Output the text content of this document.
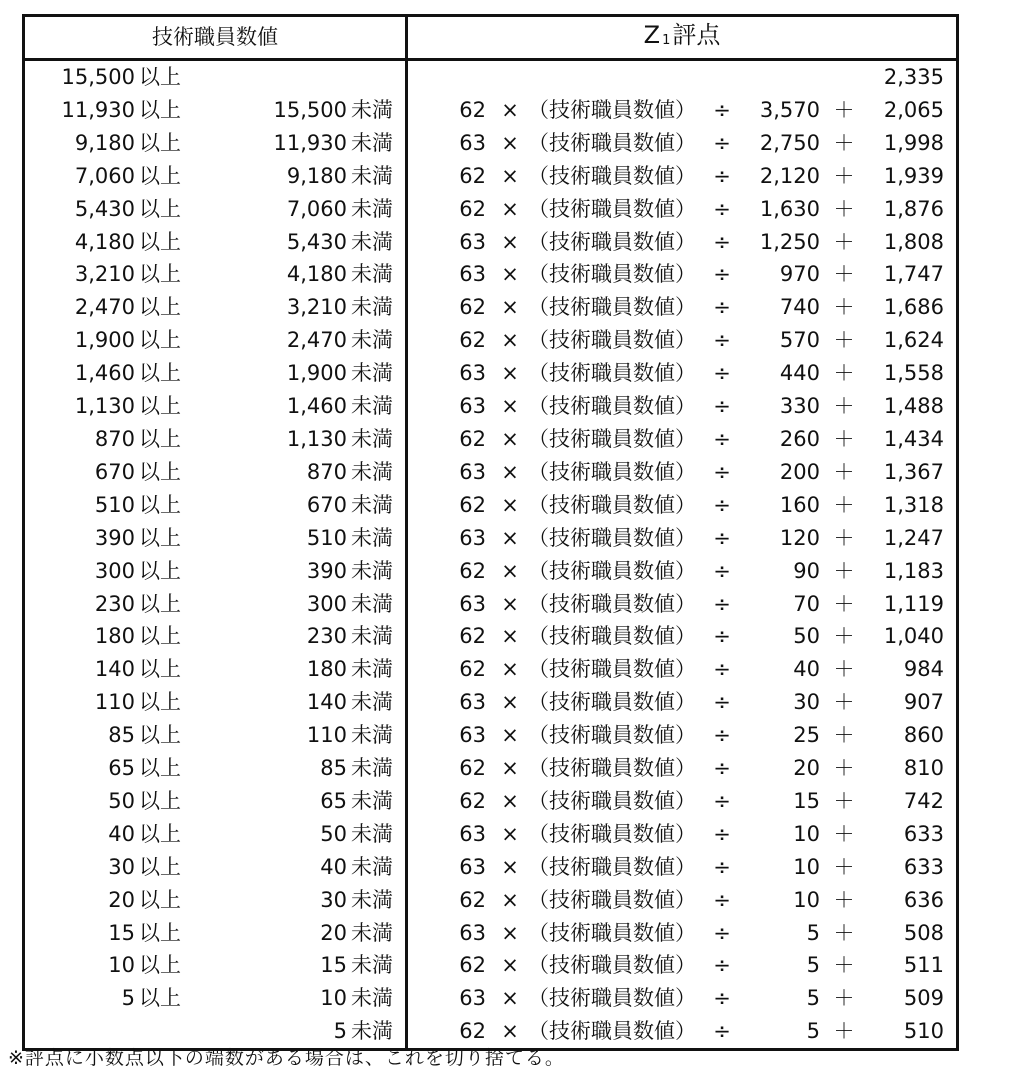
技術職員数値				Z $_1$評点						
15,500	以上									2,335
11,930	以上	15,500	未満	62	×	（技術職員数値）	÷	3,570	＋	2,065
9,180	以上	11,930	未満	63	×	（技術職員数値）	÷	2,750	＋	1,998
7,060	以上	9,180	未満	62	×	（技術職員数値）	÷	2,120	＋	1,939
5,430	以上	7,060	未満	62	×	（技術職員数値）	÷	1,630	＋	1,876
4,180	以上	5,430	未満	63	×	（技術職員数値）	÷	1,250	＋	1,808
3,210	以上	4,180	未満	63	×	（技術職員数値）	÷	970	＋	1,747
2,470	以上	3,210	未満	62	×	（技術職員数値）	÷	740	＋	1,686
1,900	以上	2,470	未満	62	×	（技術職員数値）	÷	570	＋	1,624
1,460	以上	1,900	未満	63	×	（技術職員数値）	÷	440	＋	1,558
1,130	以上	1,460	未満	63	×	（技術職員数値）	÷	330	＋	1,488
870	以上	1,130	未満	62	×	（技術職員数値）	÷	260	＋	1,434
670	以上	870	未満	63	×	（技術職員数値）	÷	200	＋	1,367
510	以上	670	未満	62	×	（技術職員数値）	÷	160	＋	1,318
390	以上	510	未満	63	×	（技術職員数値）	÷	120	＋	1,247
300	以上	390	未満	62	×	（技術職員数値）	÷	90	＋	1,183
230	以上	300	未満	63	×	（技術職員数値）	÷	70	＋	1,119
180	以上	230	未満	62	×	（技術職員数値）	÷	50	＋	1,040
140	以上	180	未満	62	×	（技術職員数値）	÷	40	＋	984
110	以上	140	未満	63	×	（技術職員数値）	÷	30	＋	907
85	以上	110	未満	63	×	（技術職員数値）	÷	25	＋	860
65	以上	85	未満	62	×	（技術職員数値）	÷	20	＋	810
50	以上	65	未満	62	×	（技術職員数値）	÷	15	＋	742
40	以上	50	未満	63	×	（技術職員数値）	÷	10	＋	633
30	以上	40	未満	63	×	（技術職員数値）	÷	10	＋	633
20	以上	30	未満	62	×	（技術職員数値）	÷	10	＋	636
15	以上	20	未満	63	×	（技術職員数値）	÷	5	＋	508
10	以上	15	未満	62	×	（技術職員数値）	÷	5	＋	511
5	以上	10	未満	63	×	（技術職員数値）	÷	5	＋	509
		5	未満	62	×	（技術職員数値）	÷	5	＋	510
※評点に小数点以下の端数がある場合は、これを切り捨てる。
